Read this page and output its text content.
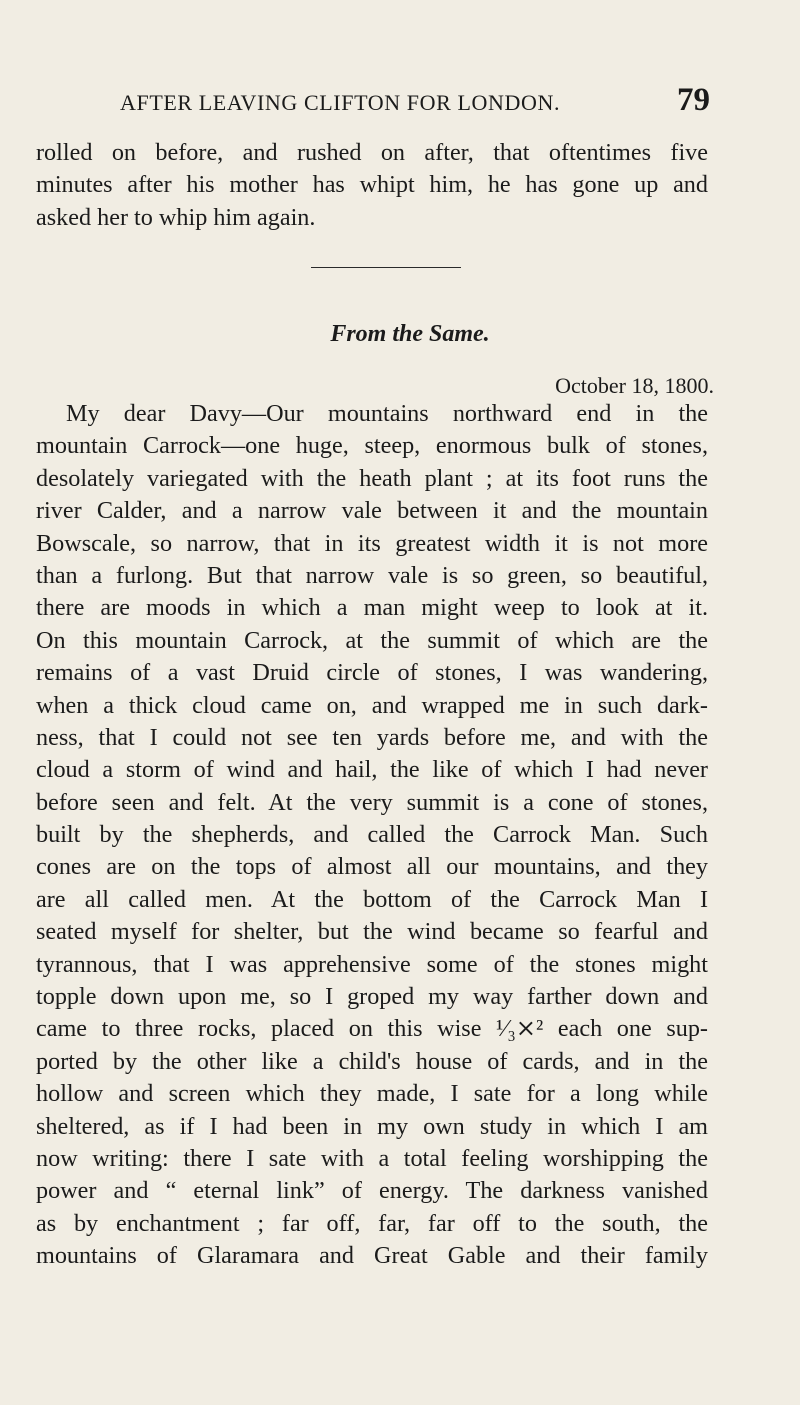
AFTER LEAVING CLIFTON FOR LONDON.	79
rolled on before, and rushed on after, that oftentimes five
minutes after his mother has whipt him, he has gone up and
asked her to whip him again.
From the Same.
October 18, 1800.
My dear Davy—Our mountains northward end in the
mountain Carrock—one huge, steep, enormous bulk of stones,
desolately variegated with the heath plant ; at its foot runs the
river Calder, and a narrow vale between it and the mountain
Bowscale, so narrow, that in its greatest width it is not more
than a furlong. But that narrow vale is so green, so beautiful,
there are moods in which a man might weep to look at it.
On this mountain Carrock, at the summit of which are the
remains of a vast Druid circle of stones, I was wandering,
when a thick cloud came on, and wrapped me in such dark-
ness, that I could not see ten yards before me, and with the
cloud a storm of wind and hail, the like of which I had never
before seen and felt. At the very summit is a cone of stones,
built by the shepherds, and called the Carrock Man. Such
cones are on the tops of almost all our mountains, and they
are all called men. At the bottom of the Carrock Man I
seated myself for shelter, but the wind became so fearful and
tyrannous, that I was apprehensive some of the stones might
topple down upon me, so I groped my way farther down and
came to three rocks, placed on this wise ¹⁄₃⨯² each one sup-
ported by the other like a child's house of cards, and in the
hollow and screen which they made, I sate for a long while
sheltered, as if I had been in my own study in which I am
now writing: there I sate with a total feeling worshipping the
power and “ eternal link” of energy. The darkness vanished
as by enchantment ; far off, far, far off to the south, the
mountains of Glaramara and Great Gable and their family
